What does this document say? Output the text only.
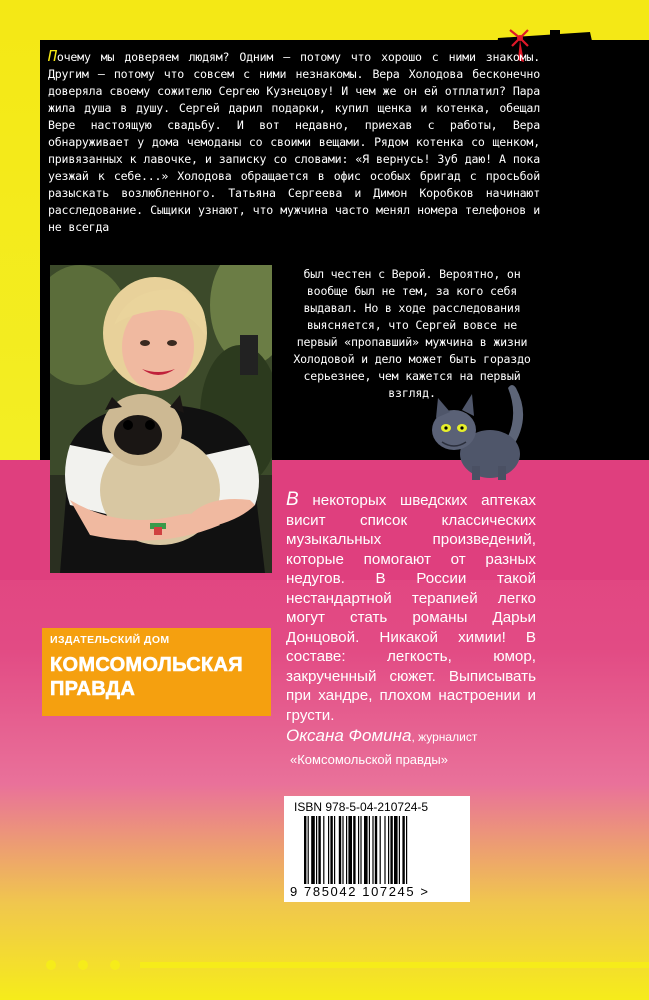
Почему мы доверяем людям? Одним — потому что хорошо с ними знакомы. Другим — потому что совсем с ними незнакомы. Вера Холодова бесконечно доверяла своему сожителю Сергею Кузнецову! И чем же он ей отплатил? Пара жила душа в душу. Сергей дарил подарки, купил щенка и котенка, обещал Вере настоящую свадьбу. И вот недавно, приехав с работы, Вера обнаруживает у дома чемоданы со своими вещами. Рядом котенка со щенком, привязанных к лавочке, и записку со словами: «Я вернусь! Зуб даю! А пока уезжай к себе...» Холодова обращается в офис особых бригад с просьбой разыскать возлюбленного. Татьяна Сергеева и Димон Коробков начинают расследование. Сыщики узнают, что мужчина часто менял номера телефонов и не всегда
был честен с Верой. Вероятно, он вообще был не тем, за кого себя выдавал. Но в ходе расследования выясняется, что Сергей вовсе не первый «пропавший» мужчина в жизни Холодовой и дело может быть гораздо серьезнее, чем кажется на первый взгляд.
В некоторых шведских аптеках висит список классических музыкальных произведений, которые помогают от разных недугов. В России такой нестандартной терапией легко могут стать романы Дарьи Донцовой. Никакой химии! В составе: легкость, юмор, закрученный сюжет. Выписывать при хандре, плохом настроении и грусти.
Оксана Фомина, журналист
«Комсомольской правды»
ИЗДАТЕЛЬСКИЙ ДОМ
КОМСОМОЛЬСКАЯ
ПРАВДА
ISBN 978-5-04-210724-5
9 785042 107245 >
